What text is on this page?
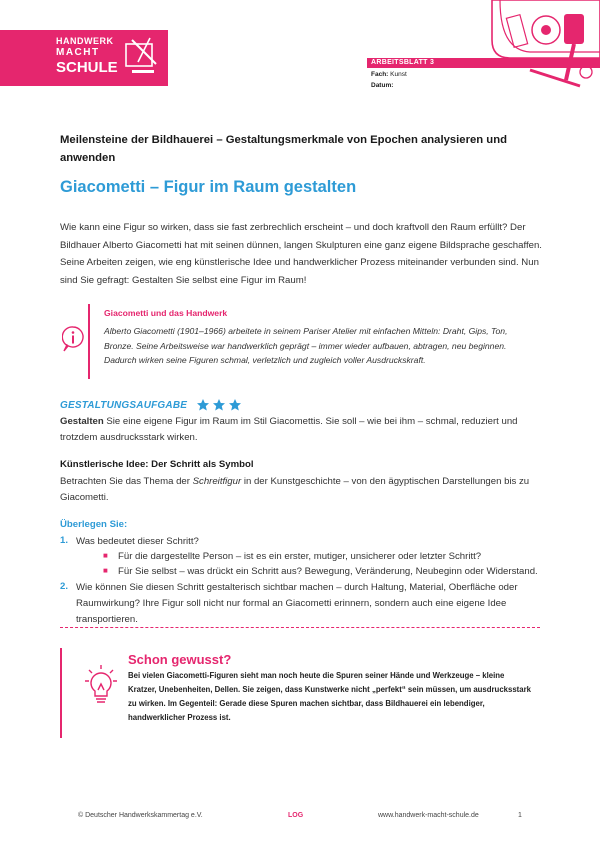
HANDWERK
MACHT
SCHULE	ARBEITSBLATT 3
Fach: Kunst
Datum:
Meilensteine der Bildhauerei – Gestaltungsmerkmale von Epochen analysieren und anwenden
Giacometti – Figur im Raum gestalten
Wie kann eine Figur so wirken, dass sie fast zerbrechlich erscheint – und doch kraftvoll den Raum erfüllt? Der Bildhauer Alberto Giacometti hat mit seinen dünnen, langen Skulpturen eine ganz eigene Bildsprache geschaffen. Seine Arbeiten zeigen, wie eng künstlerische Idee und handwerklicher Prozess miteinander verbunden sind. Nun sind Sie gefragt: Gestalten Sie selbst eine Figur im Raum!
Giacometti und das Handwerk
Alberto Giacometti (1901–1966) arbeitete in seinem Pariser Atelier mit einfachen Mitteln: Draht, Gips, Ton, Bronze. Seine Arbeitsweise war handwerklich geprägt – immer wieder aufbauen, abtragen, neu beginnen. Dadurch wirken seine Figuren schmal, verletzlich und zugleich voller Ausdruckskraft.
GESTALTUNGSAUFGABE
Gestalten Sie eine eigene Figur im Raum im Stil Giacomettis. Sie soll – wie bei ihm – schmal, reduziert und trotzdem ausdrucksstark wirken.
Künstlerische Idee: Der Schritt als Symbol
Betrachten Sie das Thema der Schreitfigur in der Kunstgeschichte – von den ägyptischen Darstellungen bis zu Giacometti.
Überlegen Sie:
1. Was bedeutet dieser Schritt?
■ Für die dargestellte Person – ist es ein erster, mutiger, unsicherer oder letzter Schritt?
■ Für Sie selbst – was drückt ein Schritt aus? Bewegung, Veränderung, Neubeginn oder Widerstand.
2. Wie können Sie diesen Schritt gestalterisch sichtbar machen – durch Haltung, Material, Oberfläche oder Raumwirkung? Ihre Figur soll nicht nur formal an Giacometti erinnern, sondern auch eine eigene Idee transportieren.
Schon gewusst?
Bei vielen Giacometti-Figuren sieht man noch heute die Spuren seiner Hände und Werkzeuge – kleine Kratzer, Unebenheiten, Dellen. Sie zeigen, dass Kunstwerke nicht „perfekt“ sein müssen, um ausdrucksstark zu wirken. Im Gegenteil: Gerade diese Spuren machen sichtbar, dass Bildhauerei ein lebendiger, handwerklicher Prozess ist.
© Deutscher Handwerkskammertag e.V.	LOG	www.handwerk-macht-schule.de	1
